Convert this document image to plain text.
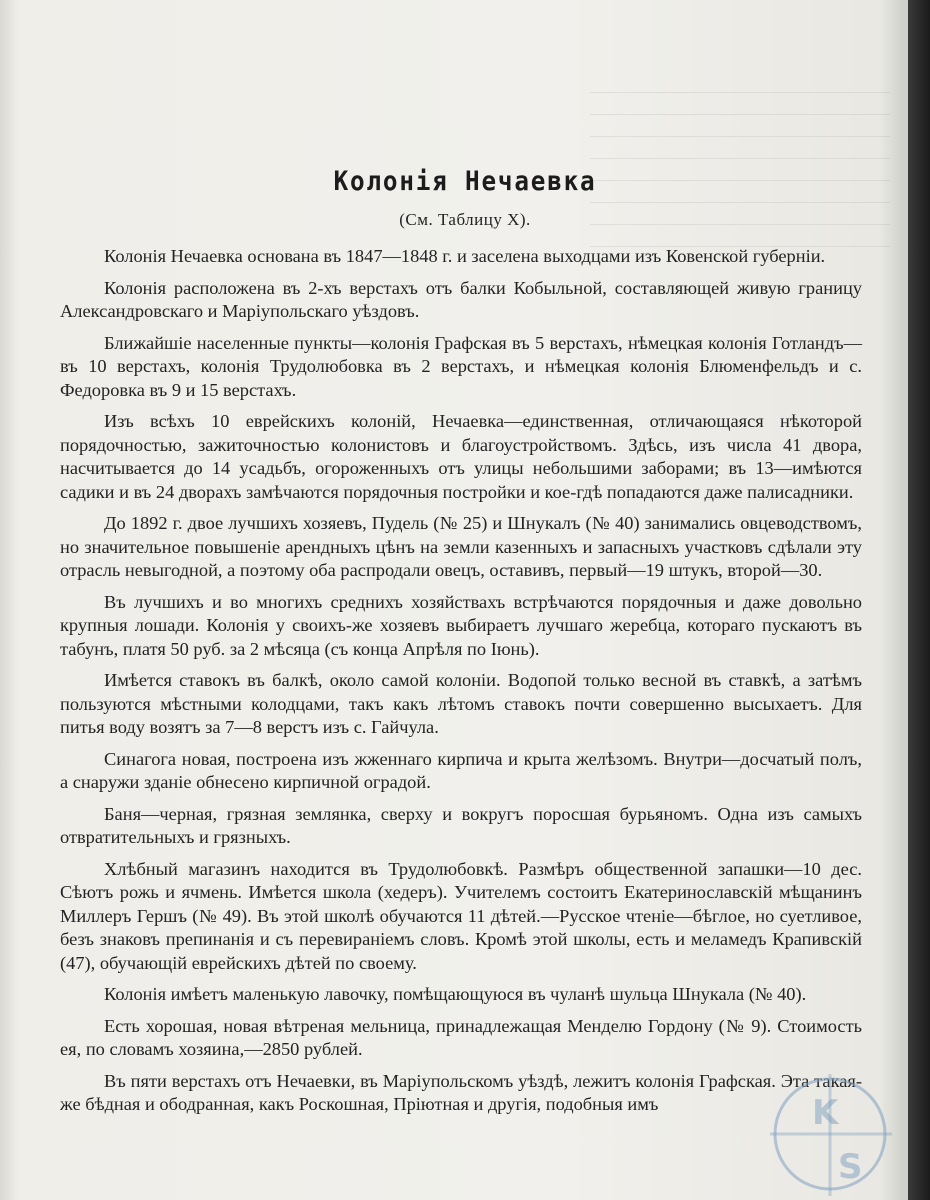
Колонія Нечаевка
(См. Таблицу X).

Колонія Нечаевка основана въ 1847—1848 г. и заселена выходцами изъ Ковенской губерніи.

Колонія расположена въ 2-хъ верстахъ отъ балки Кобыльной, составляющей живую границу Александровскаго и Маріупольскаго уѣздовъ.

Ближайшіе населенные пункты—колонія Графская въ 5 верстахъ, нѣмецкая колонія Готландъ—въ 10 верстахъ, колонія Трудолюбовка въ 2 верстахъ, и нѣмецкая колонія Блюменфельдъ и с. Федоровка въ 9 и 15 верстахъ.

Изъ всѣхъ 10 еврейскихъ колоній, Нечаевка—единственная, отличающаяся нѣкоторой порядочностью, зажиточностью колонистовъ и благоустройствомъ. Здѣсь, изъ числа 41 двора, насчитывается до 14 усадьбъ, огороженныхъ отъ улицы небольшими заборами; въ 13—имѣются садики и въ 24 дворахъ замѣчаются порядочныя постройки и кое-гдѣ попадаются даже палисадники.

До 1892 г. двое лучшихъ хозяевъ, Пудель (№ 25) и Шнукалъ (№ 40) занимались овцеводствомъ, но значительное повышеніе арендныхъ цѣнъ на земли казенныхъ и запасныхъ участковъ сдѣлали эту отрасль невыгодной, а поэтому оба распродали овецъ, оставивъ, первый—19 штукъ, второй—30.

Въ лучшихъ и во многихъ среднихъ хозяйствахъ встрѣчаются порядочныя и даже довольно крупныя лошади. Колонія у своихъ-же хозяевъ выбираетъ лучшаго жеребца, котораго пускаютъ въ табунъ, платя 50 руб. за 2 мѣсяца (съ конца Апрѣля по Іюнь).

Имѣется ставокъ въ балкѣ, около самой колоніи. Водопой только весной въ ставкѣ, а затѣмъ пользуются мѣстными колодцами, такъ какъ лѣтомъ ставокъ почти совершенно высыхаетъ. Для питья воду возятъ за 7—8 верстъ изъ с. Гайчула.

Синагога новая, построена изъ жженнаго кирпича и крыта желѣзомъ. Внутри—досчатый полъ, а снаружи зданіе обнесено кирпичной оградой.

Баня—черная, грязная землянка, сверху и вокругъ поросшая бурьяномъ. Одна изъ самыхъ отвратительныхъ и грязныхъ.

Хлѣбный магазинъ находится въ Трудолюбовкѣ. Размѣръ общественной запашки—10 дес. Сѣютъ рожь и ячмень. Имѣется школа (хедеръ). Учителемъ состоитъ Екатеринославскій мѣщанинъ Миллеръ Гершъ (№ 49). Въ этой школѣ обучаются 11 дѣтей.—Русское чтеніе—бѣглое, но суетливое, безъ знаковъ препинанія и съ перевираніемъ словъ. Кромѣ этой школы, есть и меламедъ Крапивскій (47), обучающій еврейскихъ дѣтей по своему.

Колонія имѣетъ маленькую лавочку, помѣщающуюся въ чуланѣ шульца Шнукала (№ 40).

Есть хорошая, новая вѣтреная мельница, принадлежащая Менделю Гордону (№ 9). Стоимость ея, по словамъ хозяина,—2850 рублей.

Въ пяти верстахъ отъ Нечаевки, въ Маріупольскомъ уѣздѣ, лежитъ колонія Графская. Эта такая-же бѣдная и ободранная, какъ Роскошная, Пріютная и другія, подобныя имъ	K
S
